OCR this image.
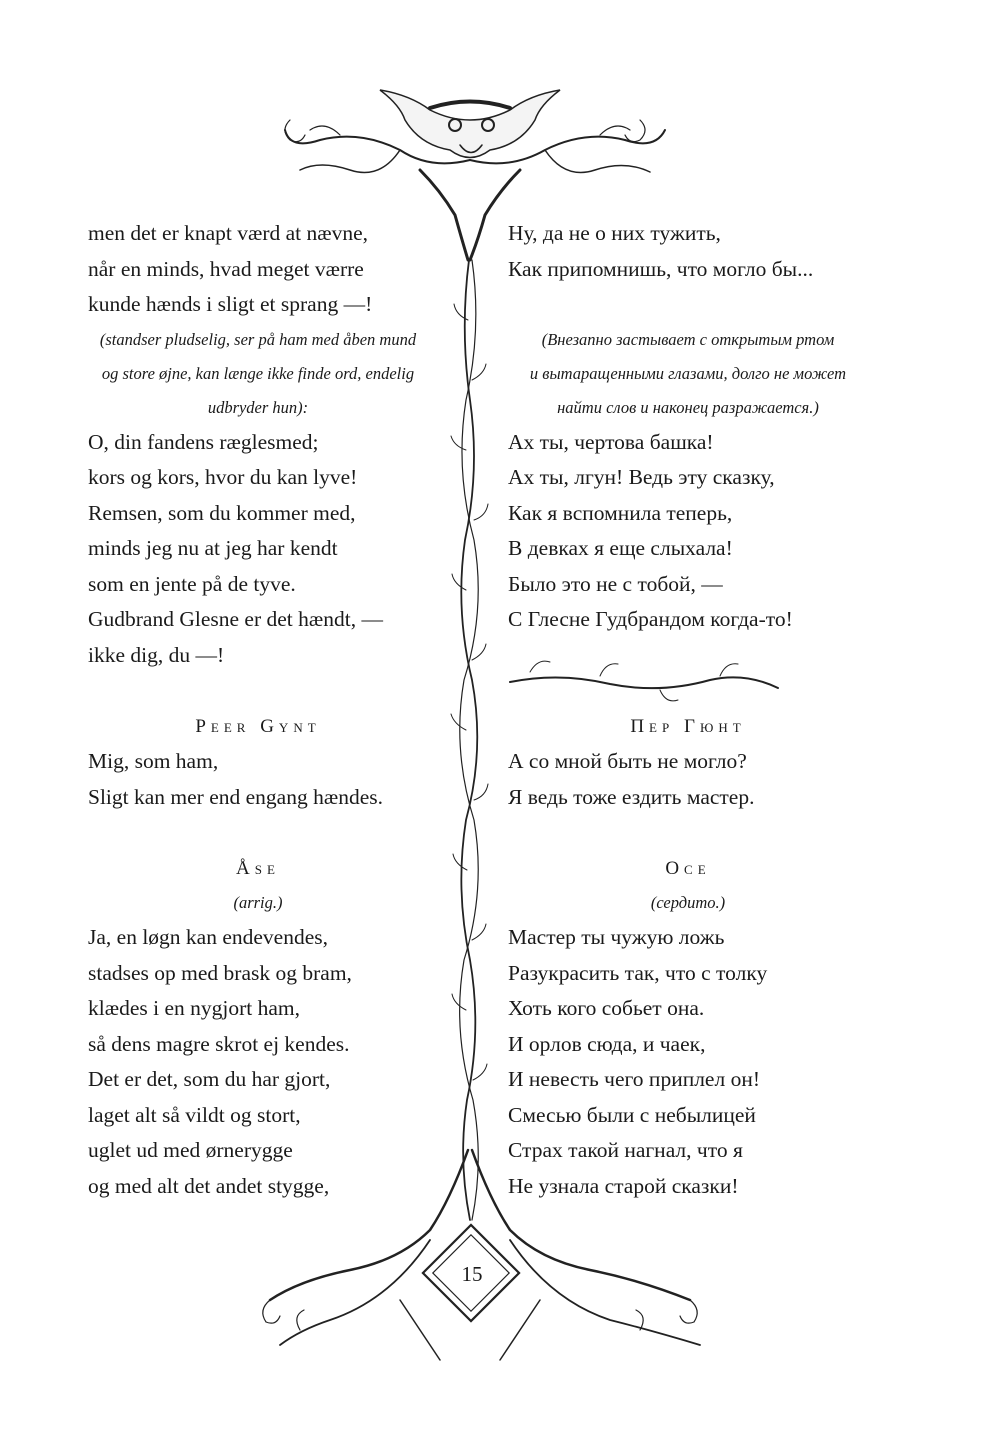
men det er knapt værd at nævne,
når en minds, hvad meget værre
kunde hænds i sligt et sprang —!
(standser pludselig, ser på ham med åben mund
og store øjne, kan længe ikke finde ord, endelig
udbryder hun):
O, din fandens ræglesmed;
kors og kors, hvor du kan lyve!
Remsen, som du kommer med,
minds jeg nu at jeg har kendt
som en jente på de tyve.
Gudbrand Glesne er det hændt, —
ikke dig, du —!
Peer Gynt
Mig, som ham,
Sligt kan mer end engang hændes.
Åse
(arrig.)
Ja, en løgn kan endevendes,
stadses op med brask og bram,
klædes i en nygjort ham,
så dens magre skrot ej kendes.
Det er det, som du har gjort,
laget alt så vildt og stort,
uglet ud med ørnerygge
og med alt det andet stygge,
Ну, да не о них тужить,
Как припомнишь, что могло бы...
(Внезапно застывает с открытым ртом
и вытаращенными глазами, долго не может
найти слов и наконец разражается.)
Ах ты, чертова башка!
Ах ты, лгун! Ведь эту сказку,
Как я вспомнила теперь,
В девках я еще слыхала!
Было это не с тобой, —
С Глесне Гудбрандом когда-то!
Пер Гюнт
А со мной быть не могло?
Я ведь тоже ездить мастер.
Осе
(сердито.)
Мастер ты чужую ложь
Разукрасить так, что с толку
Хоть кого собьет она.
И орлов сюда, и чаек,
И невесть чего приплел он!
Смесью были с небылицей
Страх такой нагнал, что я
Не узнала старой сказки!
15
